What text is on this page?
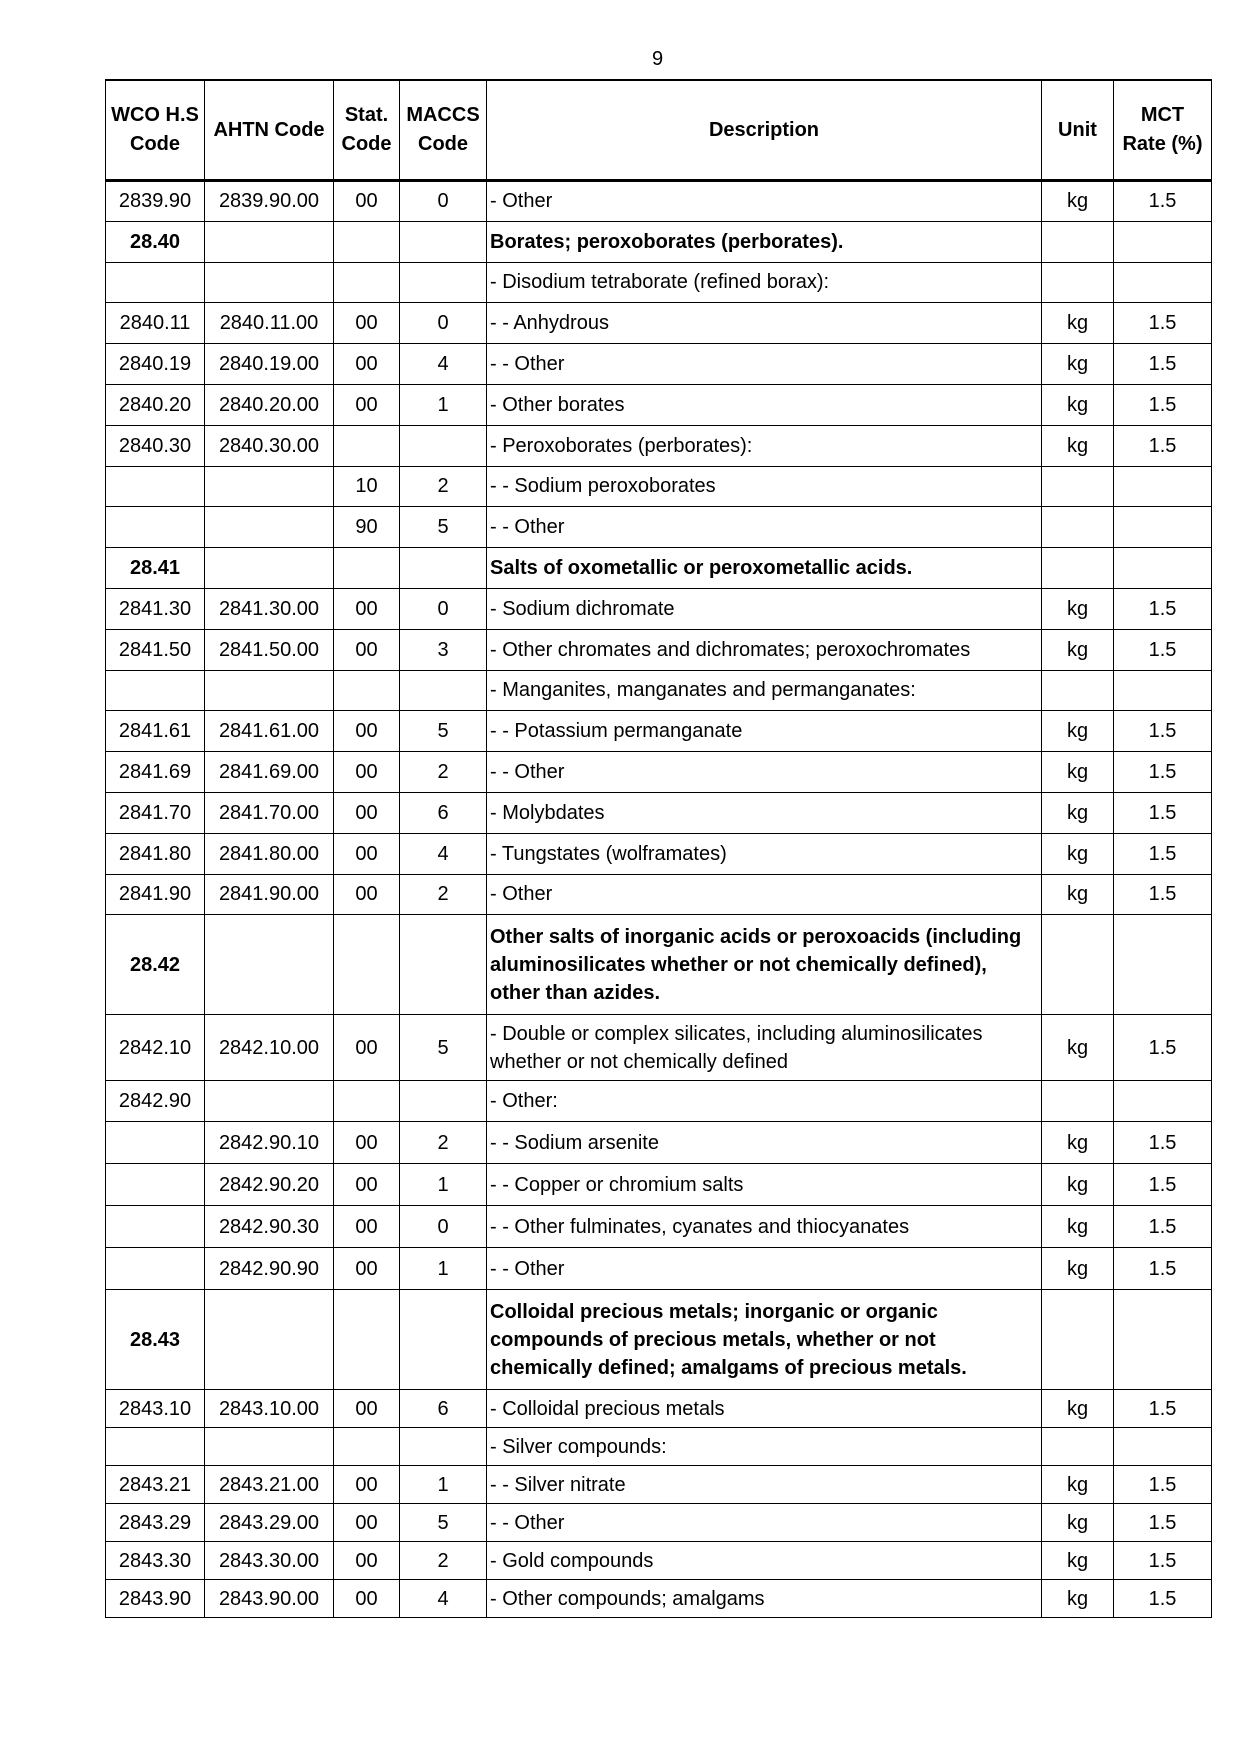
9
WCO H.S Code	AHTN Code	Stat. Code	MACCS Code	Description	Unit	MCT Rate (%)
2839.90	2839.90.00	00	0	- Other	kg	1.5
28.40				Borates; peroxoborates (perborates).		
				- Disodium tetraborate (refined borax):		
2840.11	2840.11.00	00	0	- - Anhydrous	kg	1.5
2840.19	2840.19.00	00	4	- - Other	kg	1.5
2840.20	2840.20.00	00	1	- Other borates	kg	1.5
2840.30	2840.30.00			- Peroxoborates (perborates):	kg	1.5
		10	2	- - Sodium peroxoborates		
		90	5	- - Other		
28.41				Salts of oxometallic or peroxometallic acids.		
2841.30	2841.30.00	00	0	- Sodium dichromate	kg	1.5
2841.50	2841.50.00	00	3	- Other chromates and dichromates; peroxochromates	kg	1.5
				- Manganites, manganates and permanganates:		
2841.61	2841.61.00	00	5	- - Potassium permanganate	kg	1.5
2841.69	2841.69.00	00	2	- - Other	kg	1.5
2841.70	2841.70.00	00	6	- Molybdates	kg	1.5
2841.80	2841.80.00	00	4	- Tungstates (wolframates)	kg	1.5
2841.90	2841.90.00	00	2	- Other	kg	1.5
28.42				Other salts of inorganic acids or peroxoacids (including aluminosilicates whether or not chemically defined), other than azides.		
2842.10	2842.10.00	00	5	- Double or complex silicates, including aluminosilicates whether or not chemically defined	kg	1.5
2842.90				- Other:		
	2842.90.10	00	2	- - Sodium arsenite	kg	1.5
	2842.90.20	00	1	- - Copper or chromium salts	kg	1.5
	2842.90.30	00	0	- - Other fulminates, cyanates and thiocyanates	kg	1.5
	2842.90.90	00	1	- - Other	kg	1.5
28.43				Colloidal precious metals; inorganic or organic compounds of precious metals, whether or not chemically defined; amalgams of precious metals.		
2843.10	2843.10.00	00	6	- Colloidal precious metals	kg	1.5
				- Silver compounds:		
2843.21	2843.21.00	00	1	- - Silver nitrate	kg	1.5
2843.29	2843.29.00	00	5	- - Other	kg	1.5
2843.30	2843.30.00	00	2	- Gold compounds	kg	1.5
2843.90	2843.90.00	00	4	- Other compounds; amalgams	kg	1.5
